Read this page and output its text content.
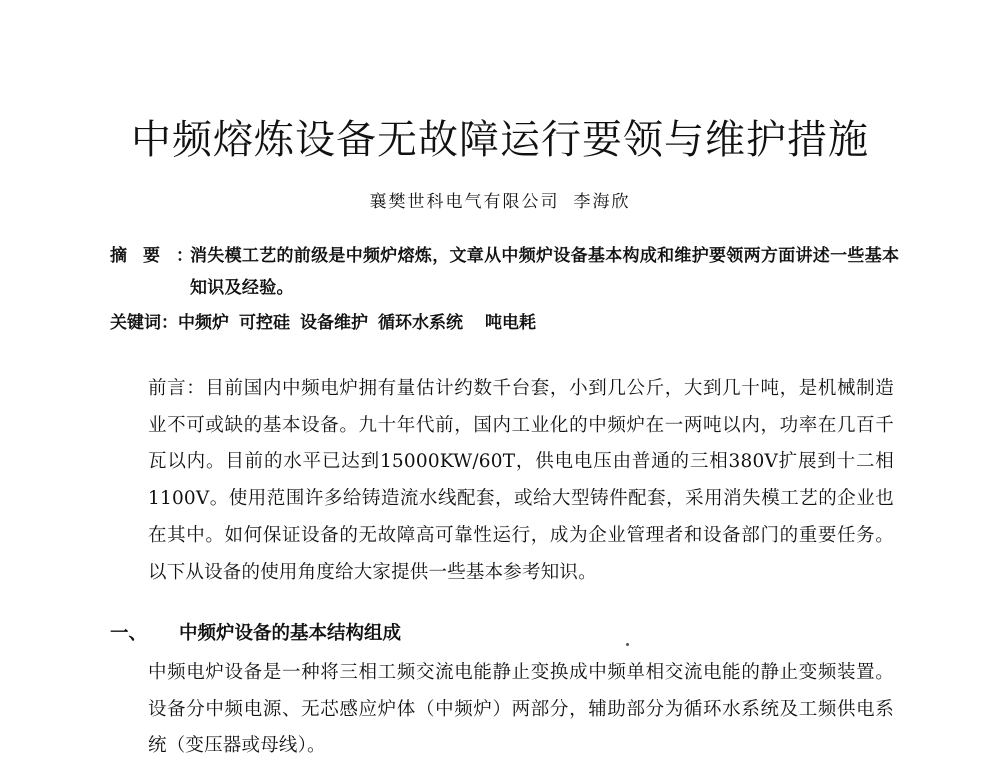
中频熔炼设备无故障运行要领与维护措施
襄樊世科电气有限公司 李海欣
摘要：
消失模工艺的前级是中频炉熔炼，文章从中频炉设备基本构成和维护要领两方面讲述一些基本知识及经验。
关键词：中频炉 可控硅 设备维护 循环水系统 吨电耗
前言：目前国内中频电炉拥有量估计约数千台套，小到几公斤，大到几十吨，是机械制造业不可或缺的基本设备。九十年代前，国内工业化的中频炉在一两吨以内，功率在几百千瓦以内。目前的水平已达到15000KW/60T，供电电压由普通的三相380V扩展到十二相1100V。使用范围许多给铸造流水线配套，或给大型铸件配套，采用消失模工艺的企业也在其中。如何保证设备的无故障高可靠性运行，成为企业管理者和设备部门的重要任务。以下从设备的使用角度给大家提供一些基本参考知识。
一、 中频炉设备的基本结构组成
中频电炉设备是一种将三相工频交流电能静止变换成中频单相交流电能的静止变频装置。设备分中频电源、无芯感应炉体（中频炉）两部分，辅助部分为循环水系统及工频供电系统（变压器或母线）。
